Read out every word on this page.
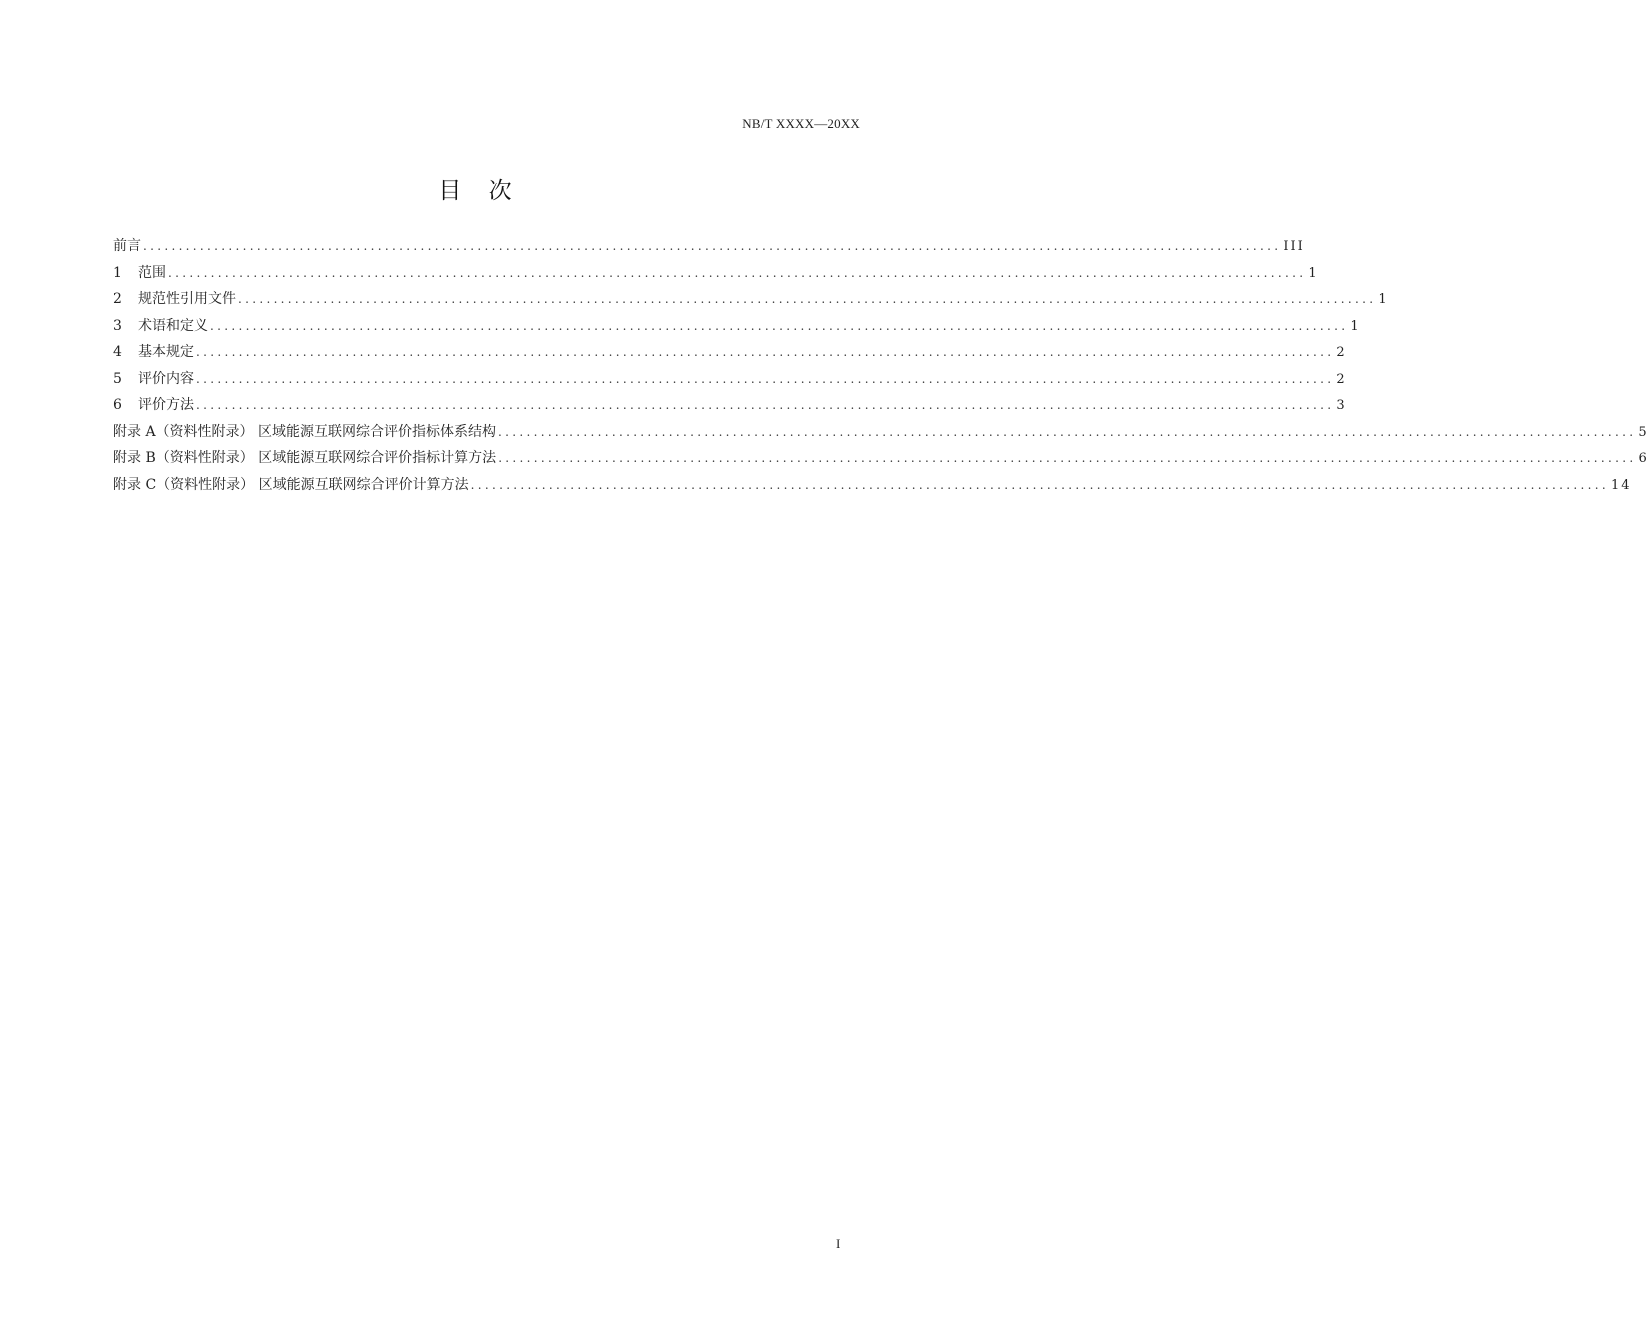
NB/T XXXX—20XX
目 次
前言 ................................................................................................................................................................ III
1	范围 ................................................................................................................................................................ 1
2	规范性引用文件 ................................................................................................................................................................ 1
3	术语和定义 ................................................................................................................................................................ 1
4	基本规定 ................................................................................................................................................................ 2
5	评价内容 ................................................................................................................................................................ 2
6	评价方法 ................................................................................................................................................................ 3
附录 A（资料性附录） 区域能源互联网综合评价指标体系结构 ................................................................................................................................................................ 5
附录 B（资料性附录） 区域能源互联网综合评价指标计算方法 ................................................................................................................................................................ 6
附录 C（资料性附录） 区域能源互联网综合评价计算方法 ................................................................................................................................................................ 14
I
